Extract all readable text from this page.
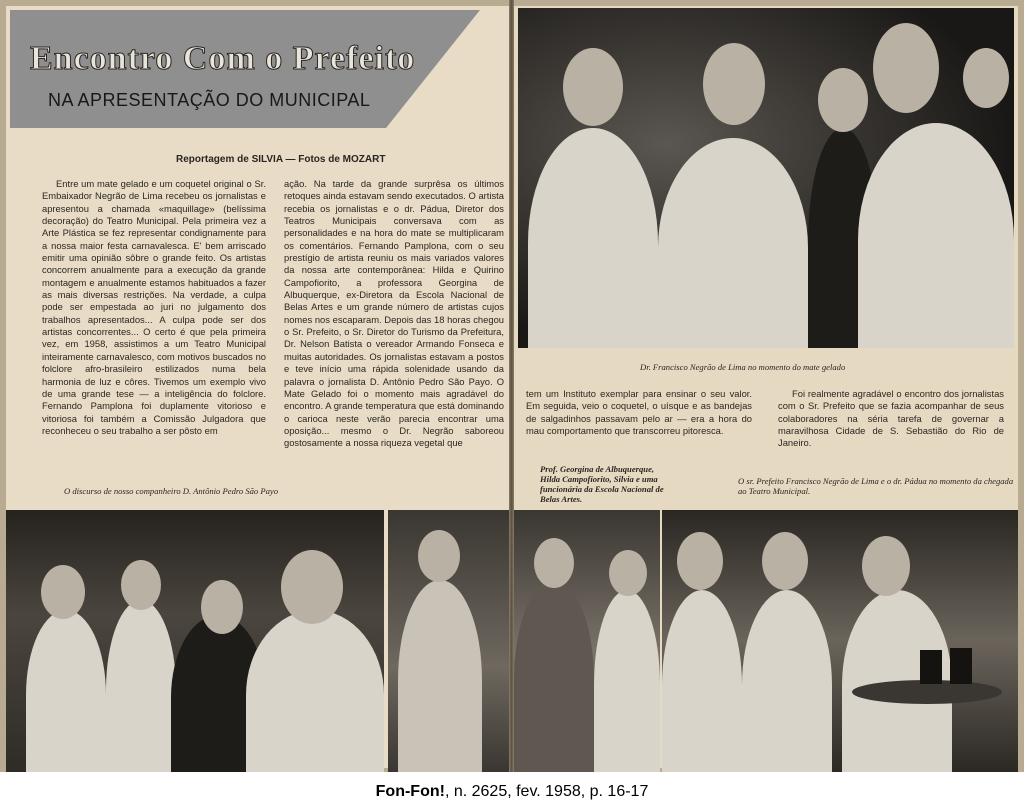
Encontro Com o Prefeito
NA APRESENTAÇÃO DO MUNICIPAL
Reportagem de SILVIA — Fotos de MOZART

Entre um mate gelado e um coquetel original o Sr. Embaixador Negrão de Lima recebeu os jornalistas e apresentou a chamada «maquillage» (belíssima decoração) do Teatro Municipal. Pela primeira vez a Arte Plástica se fez representar condignamente para a nossa maior festa carnavalesca. E' bem arriscado emitir uma opinião sôbre o grande feito. Os artistas concorrem anualmente para a execução da grande montagem e anualmente estamos habituados a fazer as mais diversas restrições. Na verdade, a culpa pode ser empestada ao juri no julgamento dos trabalhos apresentados... A culpa pode ser dos artistas concorrentes... O certo é que pela primeira vez, em 1958, assistimos a um Teatro Municipal inteiramente carnavalesco, com motivos buscados no folclore afro-brasileiro estilizados numa bela harmonia de luz e côres. Tivemos um exemplo vivo de uma grande tese — a inteligência do folclore. Fernando Pamplona foi duplamente vitorioso e vitoriosa foi também a Comissão Julgadora que reconheceu o seu trabalho a ser pôsto em

ação. Na tarde da grande surprêsa os últimos retoques ainda estavam sendo executados. O artista recebia os jornalistas e o dr. Pádua, Diretor dos Teatros Municipais conversava com as personalidades e na hora do mate se multiplicaram os comentários. Fernando Pamplona, com o seu prestígio de artista reuniu os mais variados valores da nossa arte contemporânea: Hilda e Quirino Campofiorito, a professora Georgina de Albuquerque, ex-Diretora da Escola Nacional de Belas Artes e um grande número de artistas cujos nomes nos escaparam. Depois das 18 horas chegou o Sr. Prefeito, o Sr. Diretor do Turismo da Prefeitura, Dr. Nelson Batista o vereador Armando Fonseca e muitas autoridades. Os jornalistas estavam a postos e teve início uma rápida solenidade usando da palavra o jornalista D. Antônio Pedro São Payo. O Mate Gelado foi o momento mais agradável do encontro. A grande temperatura que está dominando o carioca neste verão parecia encontrar uma oposição... mesmo o Dr. Negrão saboreou gostosamente a nossa riqueza vegetal que

tem um Instituto exemplar para ensinar o seu valor. Em seguida, veio o coquetel, o uísque e as bandejas de salgadinhos passavam pelo ar — era a hora do mau comportamento que transcorreu pitoresca.

Foi realmente agradável o encontro dos jornalistas com o Sr. Prefeito que se fazia acompanhar de seus colaboradores na séria tarefa de governar a maravilhosa Cidade de S. Sebastião do Rio de Janeiro.

Dr. Francisco Negrão de Lima no momento do mate gelado
O discurso de nosso companheiro D. Antônio Pedro São Payo
Prof. Georgina de Albuquerque, Hilda Campofiorito, Silvia e uma funcionária da Escola Nacional de Belas Artes.
O sr. Prefeito Francisco Negrão de Lima e o dr. Pádua no momento da chegada ao Teatro Municipal.
Fon-Fon!, n. 2625, fev. 1958, p. 16-17
